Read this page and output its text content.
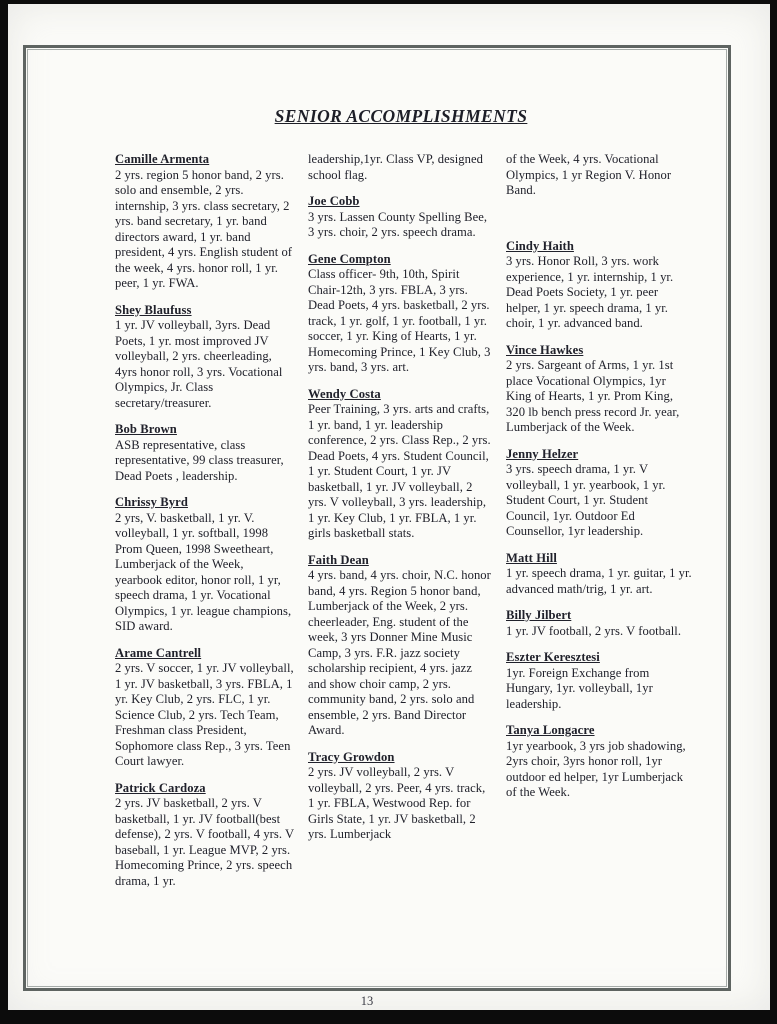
SENIOR ACCOMPLISHMENTS
Camille Armenta
2 yrs. region 5 honor band, 2 yrs. solo and ensemble, 2 yrs. internship, 3 yrs. class secretary, 2 yrs. band secretary, 1 yr. band directors award, 1 yr. band president, 4 yrs. English student of the week, 4 yrs. honor roll, 1 yr. peer, 1 yr. FWA.
Shey Blaufuss
1 yr. JV volleyball, 3yrs. Dead Poets, 1 yr. most improved JV volleyball, 2 yrs. cheerleading, 4yrs honor roll, 3 yrs. Vocational Olympics, Jr. Class secretary/treasurer.
Bob Brown
ASB representative, class representative, 99 class treasurer, Dead Poets , leadership.
Chrissy Byrd
2 yrs, V. basketball, 1 yr. V. volleyball, 1 yr. softball, 1998 Prom Queen, 1998 Sweetheart, Lumberjack of the Week, yearbook editor, honor roll, 1 yr, speech drama, 1 yr. Vocational Olympics, 1 yr. league champions, SID award.
Arame Cantrell
2 yrs. V soccer, 1 yr. JV volleyball, 1 yr. JV basketball, 3 yrs. FBLA, 1 yr. Key Club, 2 yrs. FLC, 1 yr. Science Club, 2 yrs. Tech Team, Freshman class President, Sophomore class Rep., 3 yrs. Teen Court lawyer.
Patrick Cardoza
2 yrs. JV basketball, 2 yrs. V basketball, 1 yr. JV football(best defense), 2 yrs. V football, 4 yrs. V baseball, 1 yr. League MVP, 2 yrs. Homecoming Prince, 2 yrs. speech drama, 1 yr.
leadership,1yr. Class VP, designed school flag.
Joe Cobb
3 yrs. Lassen County Spelling Bee, 3 yrs. choir, 2 yrs. speech drama.
Gene Compton
Class officer- 9th, 10th, Spirit Chair-12th, 3 yrs. FBLA, 3 yrs. Dead Poets, 4 yrs. basketball, 2 yrs. track, 1 yr. golf, 1 yr. football, 1 yr. soccer, 1 yr. King of Hearts, 1 yr. Homecoming Prince, 1 Key Club, 3 yrs. band, 3 yrs. art.
Wendy Costa
Peer Training, 3 yrs. arts and crafts, 1 yr. band, 1 yr. leadership conference, 2 yrs. Class Rep., 2 yrs. Dead Poets, 4 yrs. Student Council, 1 yr. Student Court, 1 yr. JV basketball, 1 yr. JV volleyball, 2 yrs. V volleyball, 3 yrs. leadership, 1 yr. Key Club, 1 yr. FBLA, 1 yr. girls basketball stats.
Faith Dean
4 yrs. band, 4 yrs. choir, N.C. honor band, 4 yrs. Region 5 honor band, Lumberjack of the Week, 2 yrs. cheerleader, Eng. student of the week, 3 yrs Donner Mine Music Camp, 3 yrs. F.R. jazz society scholarship recipient, 4 yrs. jazz and show choir camp, 2 yrs. community band, 2 yrs. solo and ensemble, 2 yrs. Band Director Award.
Tracy Growdon
2 yrs. JV volleyball, 2 yrs. V volleyball, 2 yrs. Peer, 4 yrs. track, 1 yr. FBLA, Westwood Rep. for Girls State, 1 yr. JV basketball, 2 yrs. Lumberjack
of the Week, 4 yrs. Vocational Olympics, 1 yr Region V. Honor Band.
Cindy Haith
3 yrs. Honor Roll, 3 yrs. work experience, 1 yr. internship, 1 yr. Dead Poets Society, 1 yr. peer helper, 1 yr. speech drama, 1 yr. choir, 1 yr. advanced band.
Vince Hawkes
2 yrs. Sargeant of Arms, 1 yr. 1st place Vocational Olympics, 1yr King of Hearts, 1 yr. Prom King, 320 lb bench press record Jr. year, Lumberjack of the Week.
Jenny Helzer
3 yrs. speech drama, 1 yr. V volleyball, 1 yr. yearbook, 1 yr. Student Court, 1 yr. Student Council, 1yr. Outdoor Ed Counsellor, 1yr leadership.
Matt Hill
1 yr. speech drama, 1 yr. guitar, 1 yr. advanced math/trig, 1 yr. art.
Billy Jilbert
1 yr. JV football, 2 yrs. V football.
Eszter Keresztesi
1yr. Foreign Exchange from Hungary, 1yr. volleyball, 1yr leadership.
Tanya Longacre
1yr yearbook, 3 yrs job shadowing, 2yrs choir, 3yrs honor roll, 1yr outdoor ed helper, 1yr Lumberjack of the Week.
13
